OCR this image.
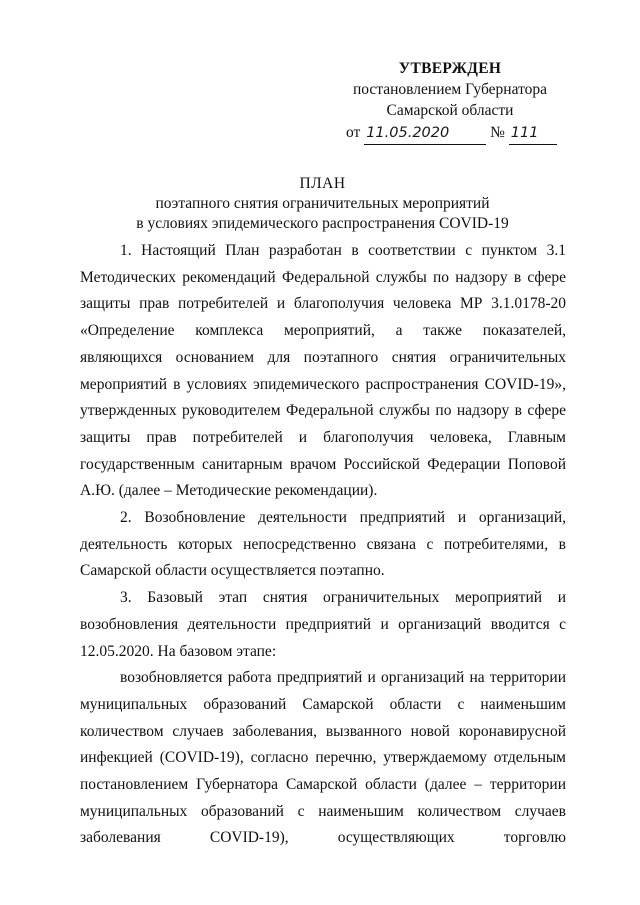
УТВЕРЖДЕН
постановлением Губернатора
Самарской области
от 11.05.2020	№ 111
ПЛАН
поэтапного снятия ограничительных мероприятий
в условиях эпидемического распространения COVID-19

1. Настоящий План разработан в соответствии с пунктом 3.1 Методических рекомендаций Федеральной службы по надзору в сфере защиты прав потребителей и благополучия человека МР 3.1.0178-20 «Определение комплекса мероприятий, а также показателей, являющихся основанием для поэтапного снятия ограничительных мероприятий в условиях эпидемического распространения COVID-19», утвержденных руководителем Федеральной службы по надзору в сфере защиты прав потребителей и благополучия человека, Главным государственным санитарным врачом Российской Федерации Поповой А.Ю. (далее – Методические рекомендации).

2. Возобновление деятельности предприятий и организаций, деятельность которых непосредственно связана с потребителями, в Самарской области осуществляется поэтапно.

3. Базовый этап снятия ограничительных мероприятий и возобновления деятельности предприятий и организаций вводится с 12.05.2020. На базовом этапе:

возобновляется работа предприятий и организаций на территории муниципальных образований Самарской области с наименьшим количеством случаев заболевания, вызванного новой коронавирусной инфекцией (COVID-19), согласно перечню, утверждаемому отдельным постановлением Губернатора Самарской области (далее – территории муниципальных образований с наименьшим количеством случаев заболевания COVID-19), осуществляющих торговлю
